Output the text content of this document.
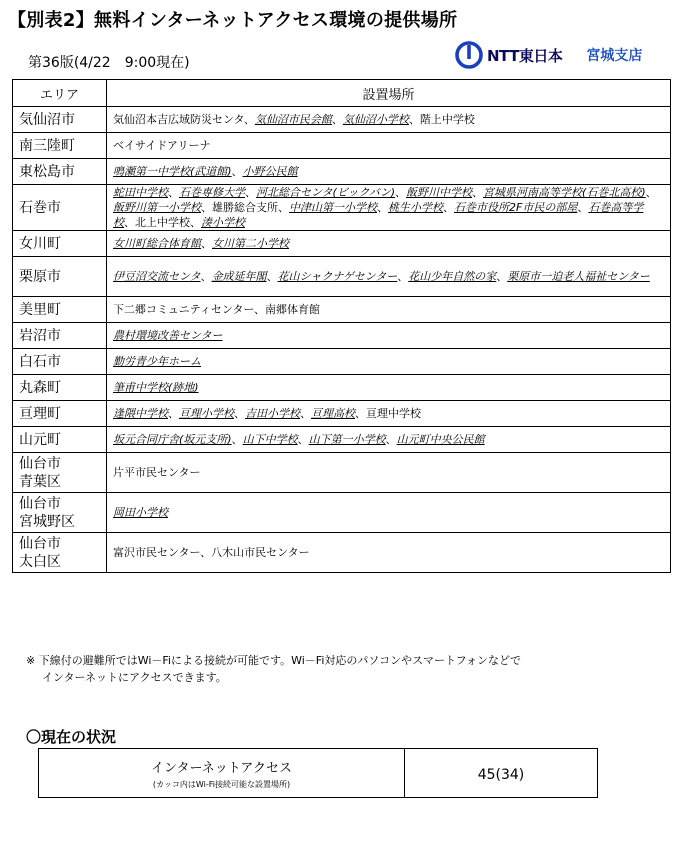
【別表2】無料インターネットアクセス環境の提供場所
第36版(4/22　9:00現在)	NTT東日本 宮城支店
エリア	設置場所
気仙沼市	気仙沼本吉広域防災センタ、気仙沼市民会館、気仙沼小学校、階上中学校
南三陸町	ベイサイドアリーナ
東松島市	鳴瀬第一中学校(武道館)、小野公民館
石巻市	蛇田中学校、石巻専修大学、河北総合センタ(ビックバン)、飯野川中学校、宮城県河南高等学校(石巻北高校)、飯野川第一小学校、雄勝総合支所、中津山第一小学校、桃生小学校、石巻市役所2F市民の部屋、石巻高等学校、北上中学校、湊小学校
女川町	女川町総合体育館、女川第二小学校
栗原市	伊豆沼交流センタ、金成延年閣、花山シャクナゲセンター、花山少年自然の家、栗原市一迫老人福祉センター
美里町	下二郷コミュニティセンター、南郷体育館
岩沼市	農村環境改善センター
白石市	勤労青少年ホーム
丸森町	筆甫中学校(跡地)
亘理町	逢隈中学校、亘理小学校、吉田小学校、亘理高校、亘理中学校
山元町	坂元合同庁舎(坂元支所)、山下中学校、山下第一小学校、山元町中央公民館
仙台市
青葉区	片平市民センター
仙台市
宮城野区	岡田小学校
仙台市
太白区	富沢市民センター、八木山市民センター
※ 下線付の避難所ではWi－Fiによる接続が可能です。Wi－Fi対応のパソコンやスマートフォンなどで
インターネットにアクセスできます。
〇現在の状況
インターネットアクセス
(カッコ内はWi-Fi接続可能な設置場所)
	45(34)
